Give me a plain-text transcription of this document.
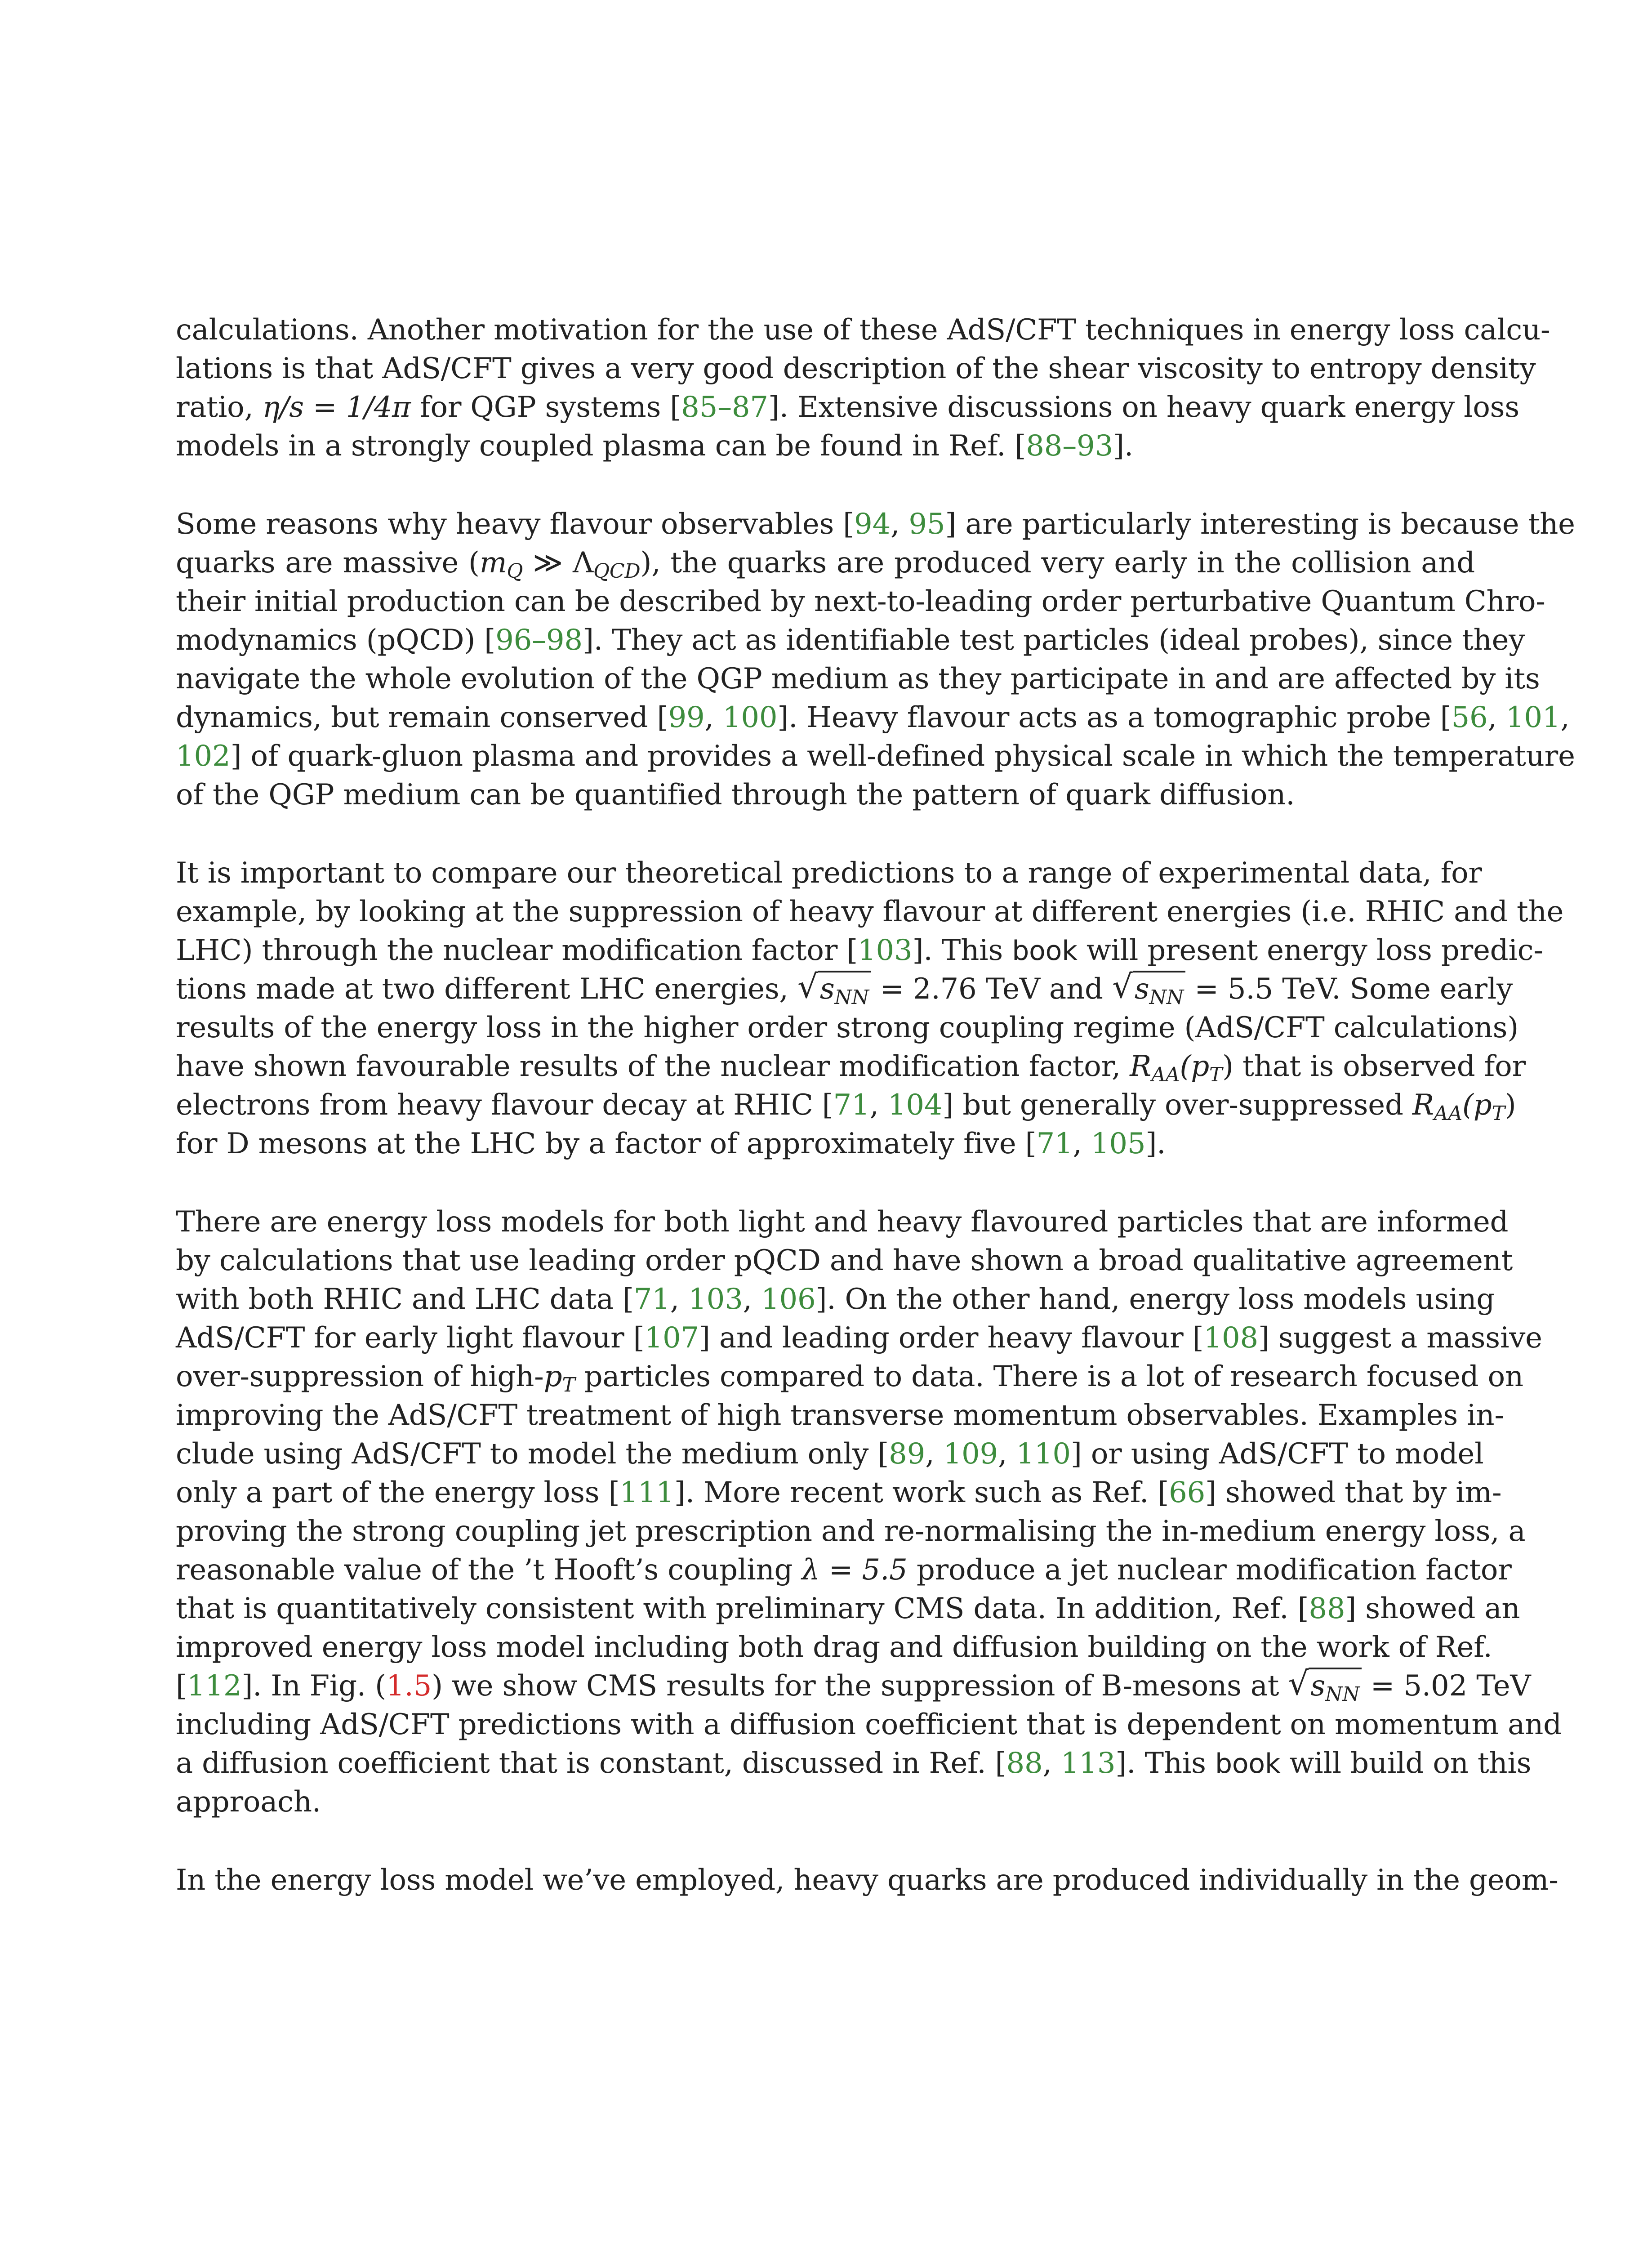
calculations. Another motivation for the use of these AdS/CFT techniques in energy loss calcu-
lations is that AdS/CFT gives a very good description of the shear viscosity to entropy density
ratio, η/s = 1/4π for QGP systems [85–87]. Extensive discussions on heavy quark energy loss
models in a strongly coupled plasma can be found in Ref. [88–93].
Some reasons why heavy flavour observables [94, 95] are particularly interesting is because the
quarks are massive ($m_Q$ ≫ $\Lambda_{QCD}$), the quarks are produced very early in the collision and
their initial production can be described by next-to-leading order perturbative Quantum Chro-
modynamics (pQCD) [96–98]. They act as identifiable test particles (ideal probes), since they
navigate the whole evolution of the QGP medium as they participate in and are affected by its
dynamics, but remain conserved [99, 100]. Heavy flavour acts as a tomographic probe [56, 101,
102] of quark-gluon plasma and provides a well-defined physical scale in which the temperature
of the QGP medium can be quantified through the pattern of quark diffusion.
It is important to compare our theoretical predictions to a range of experimental data, for
example, by looking at the suppression of heavy flavour at different energies (i.e. RHIC and the
LHC) through the nuclear modification factor [103]. This book will present energy loss predic-
tions made at two different LHC energies, √ $s_{NN} = 2.76$ TeV and √ $s_{NN} = 5.5$ TeV. Some early
results of the energy loss in the higher order strong coupling regime (AdS/CFT calculations)
have shown favourable results of the nuclear modification factor, $R_{AA}(p_T)$ that is observed for
electrons from heavy flavour decay at RHIC [71, 104] but generally over-suppressed $R_{AA}(p_T)$
for D mesons at the LHC by a factor of approximately five [71, 105].
There are energy loss models for both light and heavy flavoured particles that are informed
by calculations that use leading order pQCD and have shown a broad qualitative agreement
with both RHIC and LHC data [71, 103, 106]. On the other hand, energy loss models using
AdS/CFT for early light flavour [107] and leading order heavy flavour [108] suggest a massive
over-suppression of high-$p_T$ particles compared to data. There is a lot of research focused on
improving the AdS/CFT treatment of high transverse momentum observables. Examples in-
clude using AdS/CFT to model the medium only [89, 109, 110] or using AdS/CFT to model
only a part of the energy loss [111]. More recent work such as Ref. [66] showed that by im-
proving the strong coupling jet prescription and re-normalising the in-medium energy loss, a
reasonable value of the ’t Hooft’s coupling λ = 5.5 produce a jet nuclear modification factor
that is quantitatively consistent with preliminary CMS data. In addition, Ref. [88] showed an
improved energy loss model including both drag and diffusion building on the work of Ref.
[112]. In Fig. (1.5) we show CMS results for the suppression of B-mesons at √ $s_{NN} = 5.02$ TeV
including AdS/CFT predictions with a diffusion coefficient that is dependent on momentum and
a diffusion coefficient that is constant, discussed in Ref. [88, 113]. This book will build on this
approach.
In the energy loss model we’ve employed, heavy quarks are produced individually in the geom-
